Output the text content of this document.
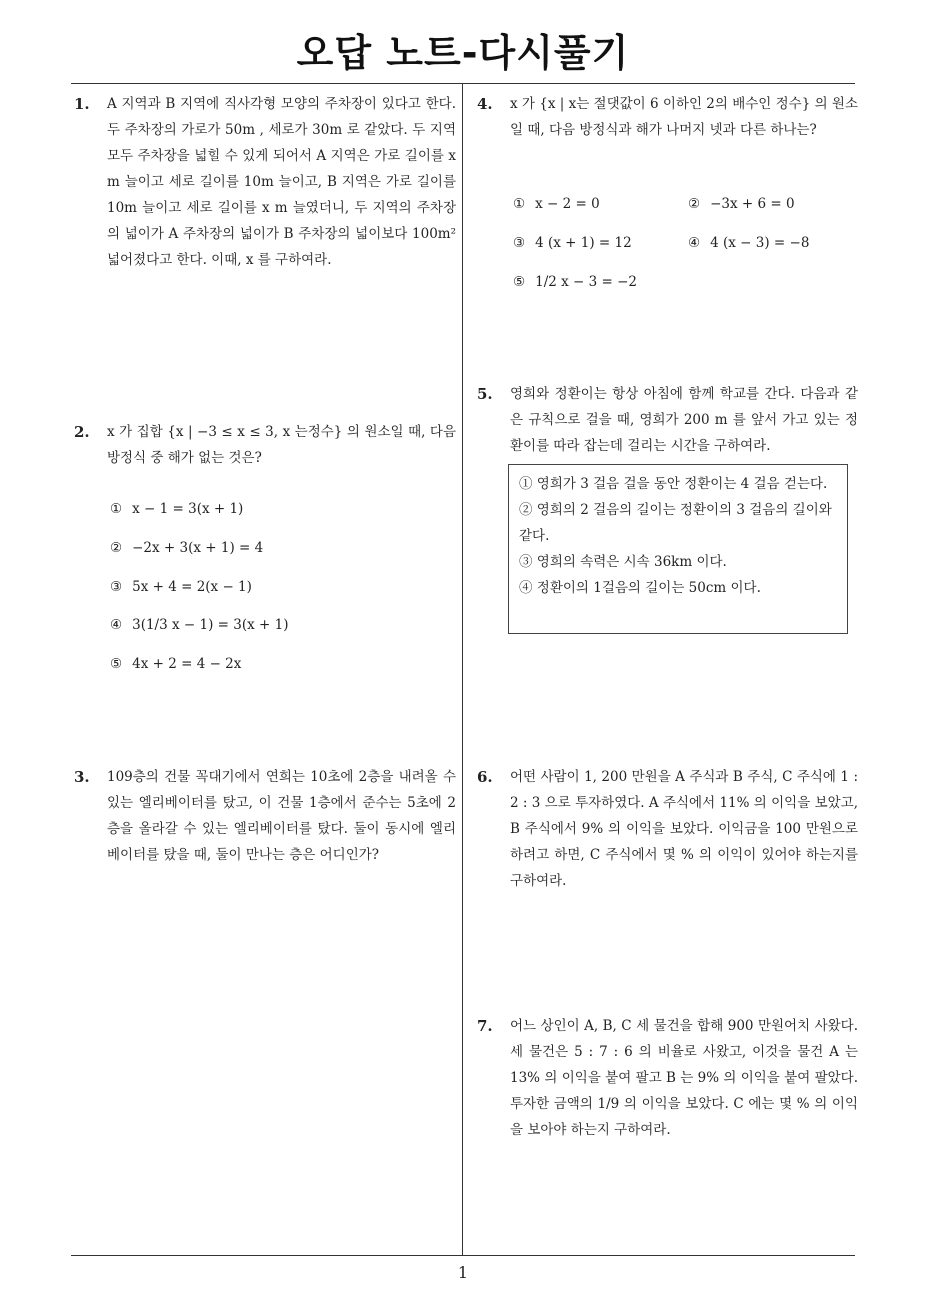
오답 노트-다시풀기
1. A 지역과 B 지역에 직사각형 모양의 주차장이 있다고 한다. 두 주차장의 가로가 50m , 세로가 30m 로 같았다. 두 지역 모두 주차장을 넓힐 수 있게 되어서 A 지역은 가로 길이를 x m 늘이고 세로 길이를 10m 늘이고, B 지역은 가로 길이를 10m 늘이고 세로 길이를 x m 늘였더니, 두 지역의 주차장의 넓이가 A 주차장의 넓이가 B 주차장의 넓이보다 100m² 넓어졌다고 한다. 이때, x 를 구하여라.

2. x 가 집합 {x | −3 ≤ x ≤ 3, x 는정수} 의 원소일 때, 다음 방정식 중 해가 없는 것은?

① x − 1 = 3(x + 1)
② −2x + 3(x + 1) = 4
③ 5x + 4 = 2(x − 1)
④ 3(1/3 x − 1) = 3(x + 1)
⑤ 4x + 2 = 4 − 2x
3. 109층의 건물 꼭대기에서 연희는 10초에 2층을 내려올 수 있는 엘리베이터를 탔고, 이 건물 1층에서 준수는 5초에 2층을 올라갈 수 있는 엘리베이터를 탔다. 둘이 동시에 엘리베이터를 탔을 때, 둘이 만나는 층은 어디인가?

4. x 가 {x | x는 절댓값이 6 이하인 2의 배수인 정수} 의 원소 일 때, 다음 방정식과 해가 나머지 넷과 다른 하나는?

① x − 2 = 0	② −3x + 6 = 0
③ 4 (x + 1) = 12	④ 4 (x − 3) = −8
⑤ 1/2 x − 3 = −2
5. 영희와 정환이는 항상 아침에 함께 학교를 간다. 다음과 같은 규칙으로 걸을 때, 영희가 200 m 를 앞서 가고 있는 정환이를 따라 잡는데 걸리는 시간을 구하여라.

① 영희가 3 걸음 걸을 동안 정환이는 4 걸음 걷는다.

② 영희의 2 걸음의 길이는 정환이의 3 걸음의 길이와 같다.

③ 영희의 속력은 시속 36km 이다.

④ 정환이의 1걸음의 길이는 50cm 이다.

6. 어떤 사람이 1, 200 만원을 A 주식과 B 주식, C 주식에 1 : 2 : 3 으로 투자하였다. A 주식에서 11% 의 이익을 보았고, B 주식에서 9% 의 이익을 보았다. 이익금을 100 만원으로 하려고 하면, C 주식에서 몇 % 의 이익이 있어야 하는지를 구하여라.

7. 어느 상인이 A, B, C 세 물건을 합해 900 만원어치 사왔다. 세 물건은 5 : 7 : 6 의 비율로 사왔고, 이것을 물건 A 는 13% 의 이익을 붙여 팔고 B 는 9% 의 이익을 붙여 팔았다. 투자한 금액의 1/9 의 이익을 보았다. C 에는 몇 % 의 이익을 보아야 하는지 구하여라.

1
